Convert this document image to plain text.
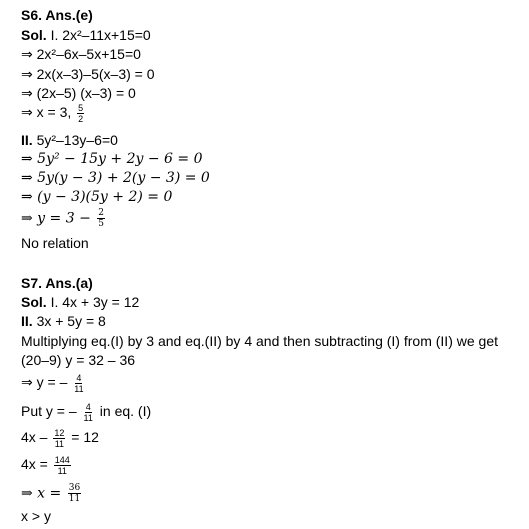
S6. Ans.(e)
Sol. I. 2x²–11x+15=0
⇒ 2x²–6x–5x+15=0
⇒ 2x(x–3)–5(x–3) = 0
⇒ (2x–5) (x–3) = 0
⇒ x = 3, $\frac{5}{2}$
II. 5y²–13y–6=0
⇒ 5y² − 15y + 2y − 6 = 0
⇒ 5y(y − 3) + 2(y − 3) = 0
⇒ (y − 3)(5y + 2) = 0
⇒ $y = 3 - \frac{2}{5}$
No relation
S7. Ans.(a)
Sol. I. 4x + 3y = 12
II. 3x + 5y = 8
Multiplying eq.(I) by 3 and eq.(II) by 4 and then subtracting (I) from (II) we get
(20–9) y = 32 – 36
⇒ y = – $\frac{4}{11}$
Put y = – $\frac{4}{11}$ in eq. (I)
$4x - \frac{12}{11} = 12$
$4x = \frac{144}{11}$
⇒ $x = \frac{36}{11}$
x > y
